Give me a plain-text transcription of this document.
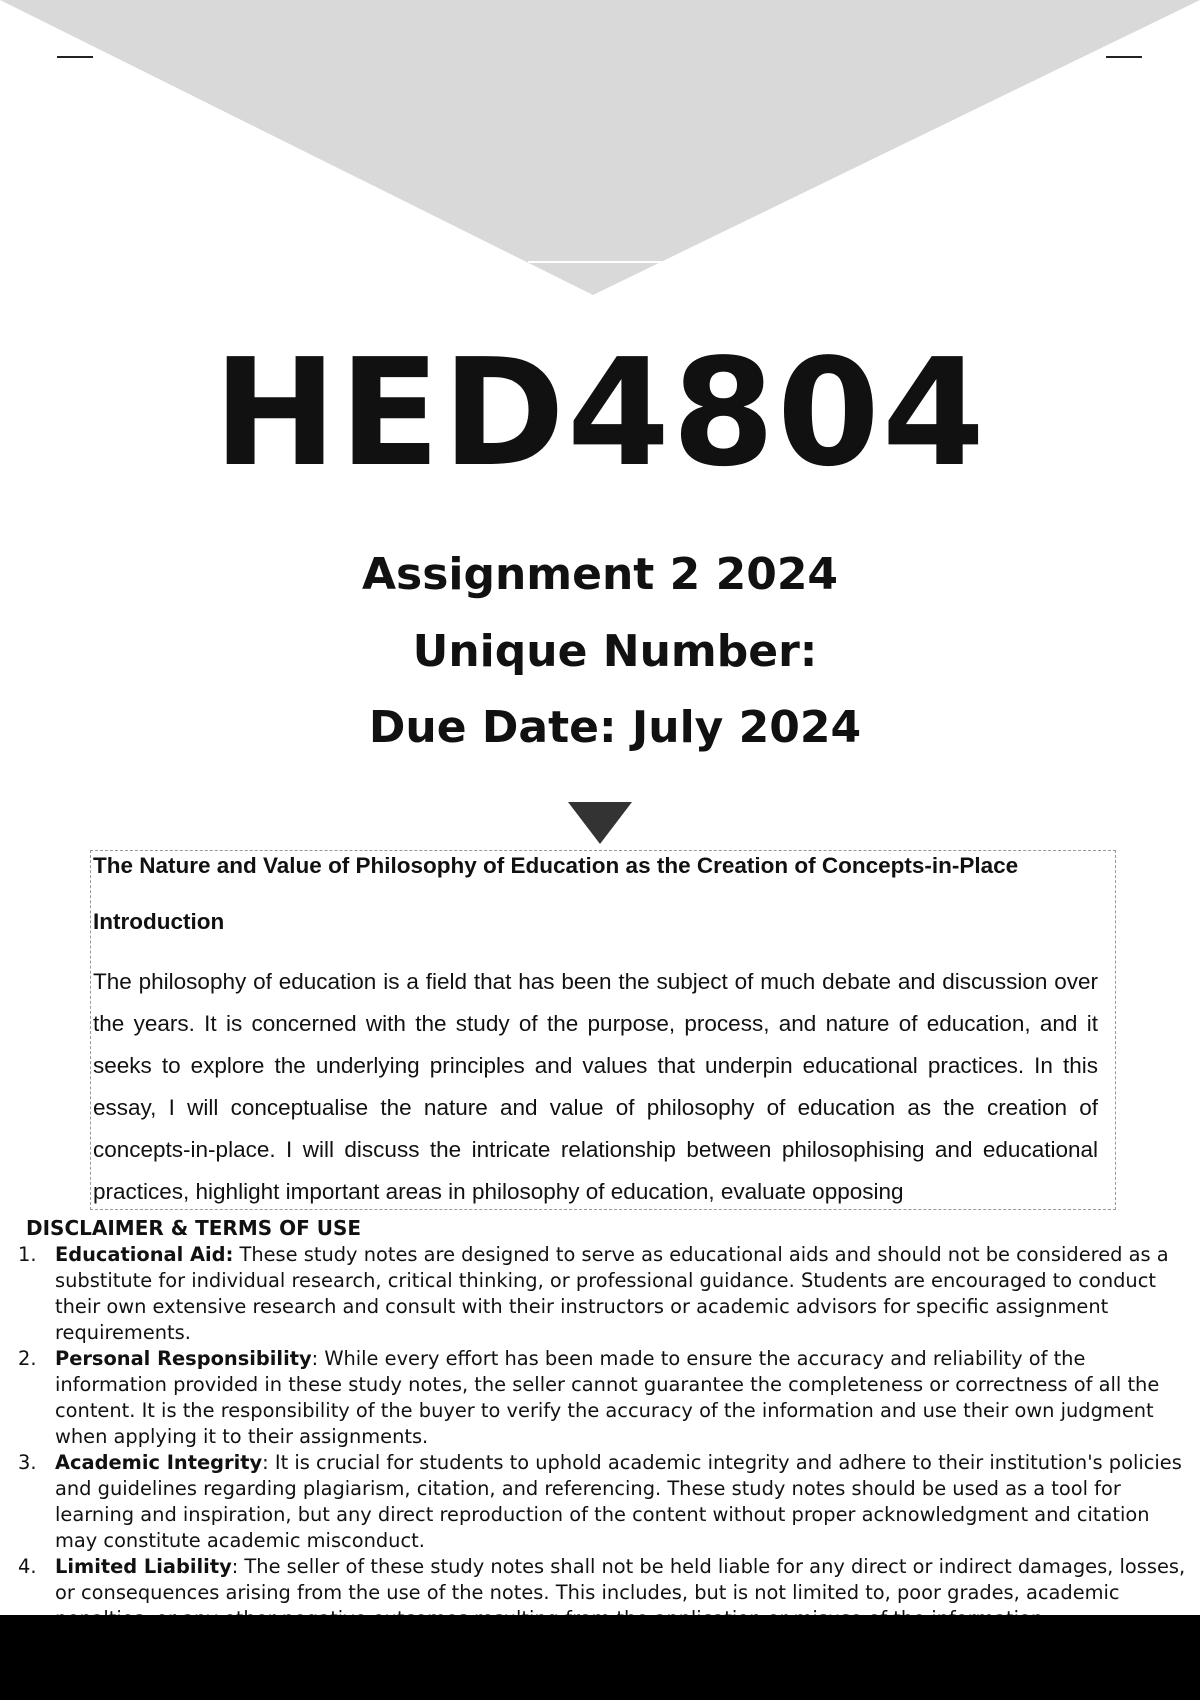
HED4804
Assignment 2 2024
Unique Number:
Due Date: July 2024
The Nature and Value of Philosophy of Education as the Creation of Concepts-in-Place
Introduction
The philosophy of education is a field that has been the subject of much debate and discussion over the years. It is concerned with the study of the purpose, process, and nature of education, and it seeks to explore the underlying principles and values that underpin educational practices. In this essay, I will conceptualise the nature and value of philosophy of education as the creation of concepts-in-place. I will discuss the intricate relationship between philosophising and educational practices, highlight important areas in philosophy of education, evaluate opposing
DISCLAIMER & TERMS OF USE
1. Educational Aid: These study notes are designed to serve as educational aids and should not be considered as a substitute for individual research, critical thinking, or professional guidance. Students are encouraged to conduct their own extensive research and consult with their instructors or academic advisors for specific assignment requirements.
2. Personal Responsibility: While every effort has been made to ensure the accuracy and reliability of the information provided in these study notes, the seller cannot guarantee the completeness or correctness of all the content. It is the responsibility of the buyer to verify the accuracy of the information and use their own judgment when applying it to their assignments.
3. Academic Integrity: It is crucial for students to uphold academic integrity and adhere to their institution's policies and guidelines regarding plagiarism, citation, and referencing. These study notes should be used as a tool for learning and inspiration, but any direct reproduction of the content without proper acknowledgment and citation may constitute academic misconduct.
4. Limited Liability: The seller of these study notes shall not be held liable for any direct or indirect damages, losses, or consequences arising from the use of the notes. This includes, but is not limited to, poor grades, academic
